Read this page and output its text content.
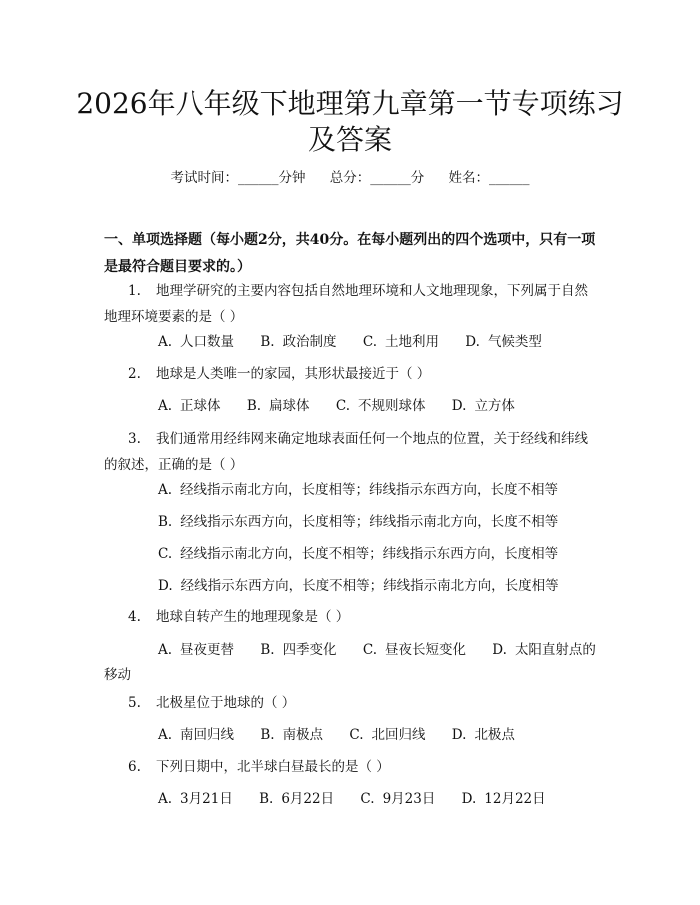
2026年八年级下地理第九章第一节专项练习
及答案
考试时间：______分钟 总分：______分 姓名：______
一、单项选择题（每小题2分，共40分。在每小题列出的四个选项中，只有一项
是最符合题目要求的。）
1. 地理学研究的主要内容包括自然地理环境和人文地理现象，下列属于自然
地理环境要素的是（ ）
A. 人口数量 B. 政治制度 C. 土地利用 D. 气候类型
2. 地球是人类唯一的家园，其形状最接近于（ ）
A. 正球体 B. 扁球体 C. 不规则球体 D. 立方体
3. 我们通常用经纬网来确定地球表面任何一个地点的位置，关于经线和纬线
的叙述，正确的是（ ）
A. 经线指示南北方向，长度相等；纬线指示东西方向，长度不相等
B. 经线指示东西方向，长度相等；纬线指示南北方向，长度不相等
C. 经线指示南北方向，长度不相等；纬线指示东西方向，长度相等
D. 经线指示东西方向，长度不相等；纬线指示南北方向，长度相等
4. 地球自转产生的地理现象是（ ）
A. 昼夜更替 B. 四季变化 C. 昼夜长短变化 D. 太阳直射点的
移动
5. 北极星位于地球的（ ）
A. 南回归线 B. 南极点 C. 北回归线 D. 北极点
6. 下列日期中，北半球白昼最长的是（ ）
A. 3月21日 B. 6月22日 C. 9月23日 D. 12月22日
